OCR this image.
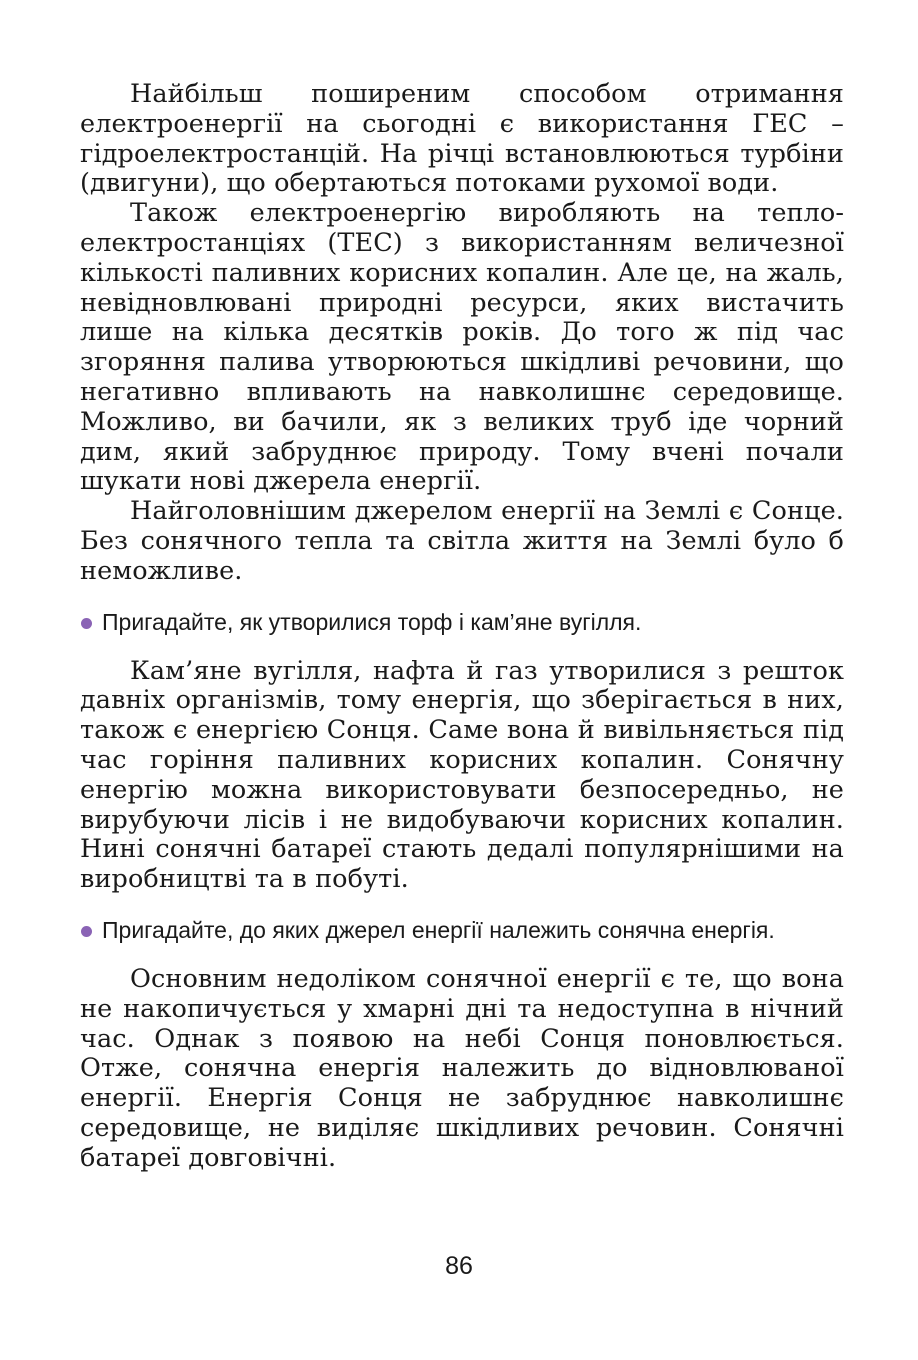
Найбільш поширеним способом отримання електроенергії на сьогодні є використання ГЕС – гідроелектростанцій. На річці встановлюються турбіни (двигуни), що обертаються потоками рухомої води.

Також електроенергію виробляють на теплоелектростанціях (ТЕС) з використанням величезної кількості паливних корисних копалин. Але це, на жаль, невідновлювані природні ресурси, яких вистачить лише на кілька десятків років. До того ж під час згоряння палива утворюються шкідливі речовини, що негативно впливають на навколишнє середовище. Можливо, ви бачили, як з великих труб іде чорний дим, який забруднює природу. Тому вчені почали шукати нові джерела енергії.

Найголовнішим джерелом енергії на Землі є Сонце. Без сонячного тепла та світла життя на Землі було б неможливе.

Пригадайте, як утворилися торф і кам’яне вугілля.

Кам’яне вугілля, нафта й газ утворилися з решток давніх організмів, тому енергія, що зберігається в них, також є енергією Сонця. Саме вона й вивільняється під час горіння паливних корисних копалин. Сонячну енергію можна використовувати безпосередньо, не вирубуючи лісів і не видобуваючи корисних копалин. Нині сонячні батареї стають дедалі популярнішими на виробництві та в побуті.

Пригадайте, до яких джерел енергії належить сонячна енергія.

Основним недоліком сонячної енергії є те, що вона не накопичується у хмарні дні та недоступна в нічний час. Однак з появою на небі Сонця поновлюється. Отже, сонячна енергія належить до відновлюваної енергії. Енергія Сонця не забруднює навколишнє середовище, не виділяє шкідливих речовин. Сонячні батареї довговічні.

86
